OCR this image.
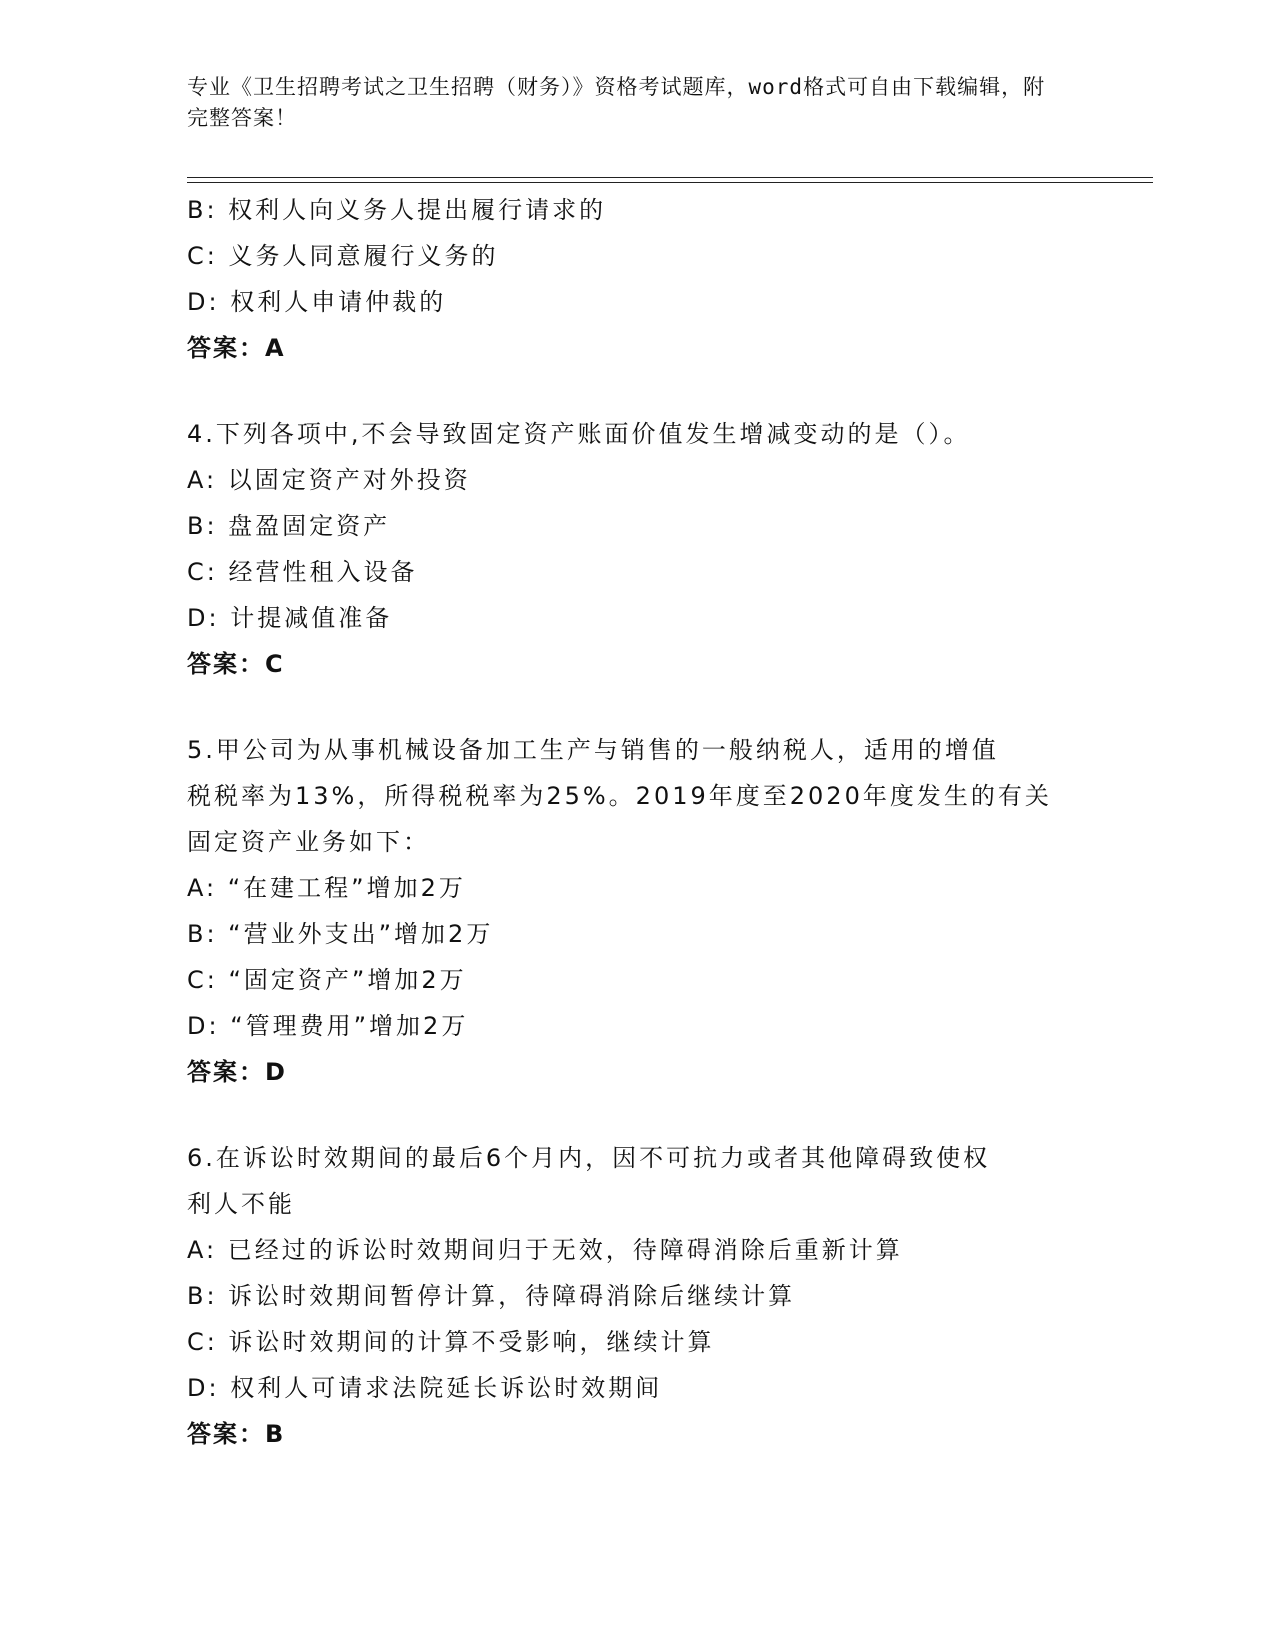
专业《卫生招聘考试之卫生招聘（财务）》资格考试题库，word格式可自由下载编辑，附完整答案！
B: 权利人向义务人提出履行请求的
C: 义务人同意履行义务的
D: 权利人申请仲裁的
答案：A
4.下列各项中,不会导致固定资产账面价值发生增减变动的是（）。
A: 以固定资产对外投资
B: 盘盈固定资产
C: 经营性租入设备
D: 计提减值准备
答案：C
5.甲公司为从事机械设备加工生产与销售的一般纳税人，适用的增值
税税率为13%，所得税税率为25%。2019年度至2020年度发生的有关
固定资产业务如下：
A: “在建工程”增加2万
B: “营业外支出”增加2万
C: “固定资产”增加2万
D: “管理费用”增加2万
答案：D
6.在诉讼时效期间的最后6个月内，因不可抗力或者其他障碍致使权
利人不能
A: 已经过的诉讼时效期间归于无效，待障碍消除后重新计算
B: 诉讼时效期间暂停计算，待障碍消除后继续计算
C: 诉讼时效期间的计算不受影响，继续计算
D: 权利人可请求法院延长诉讼时效期间
答案：B
